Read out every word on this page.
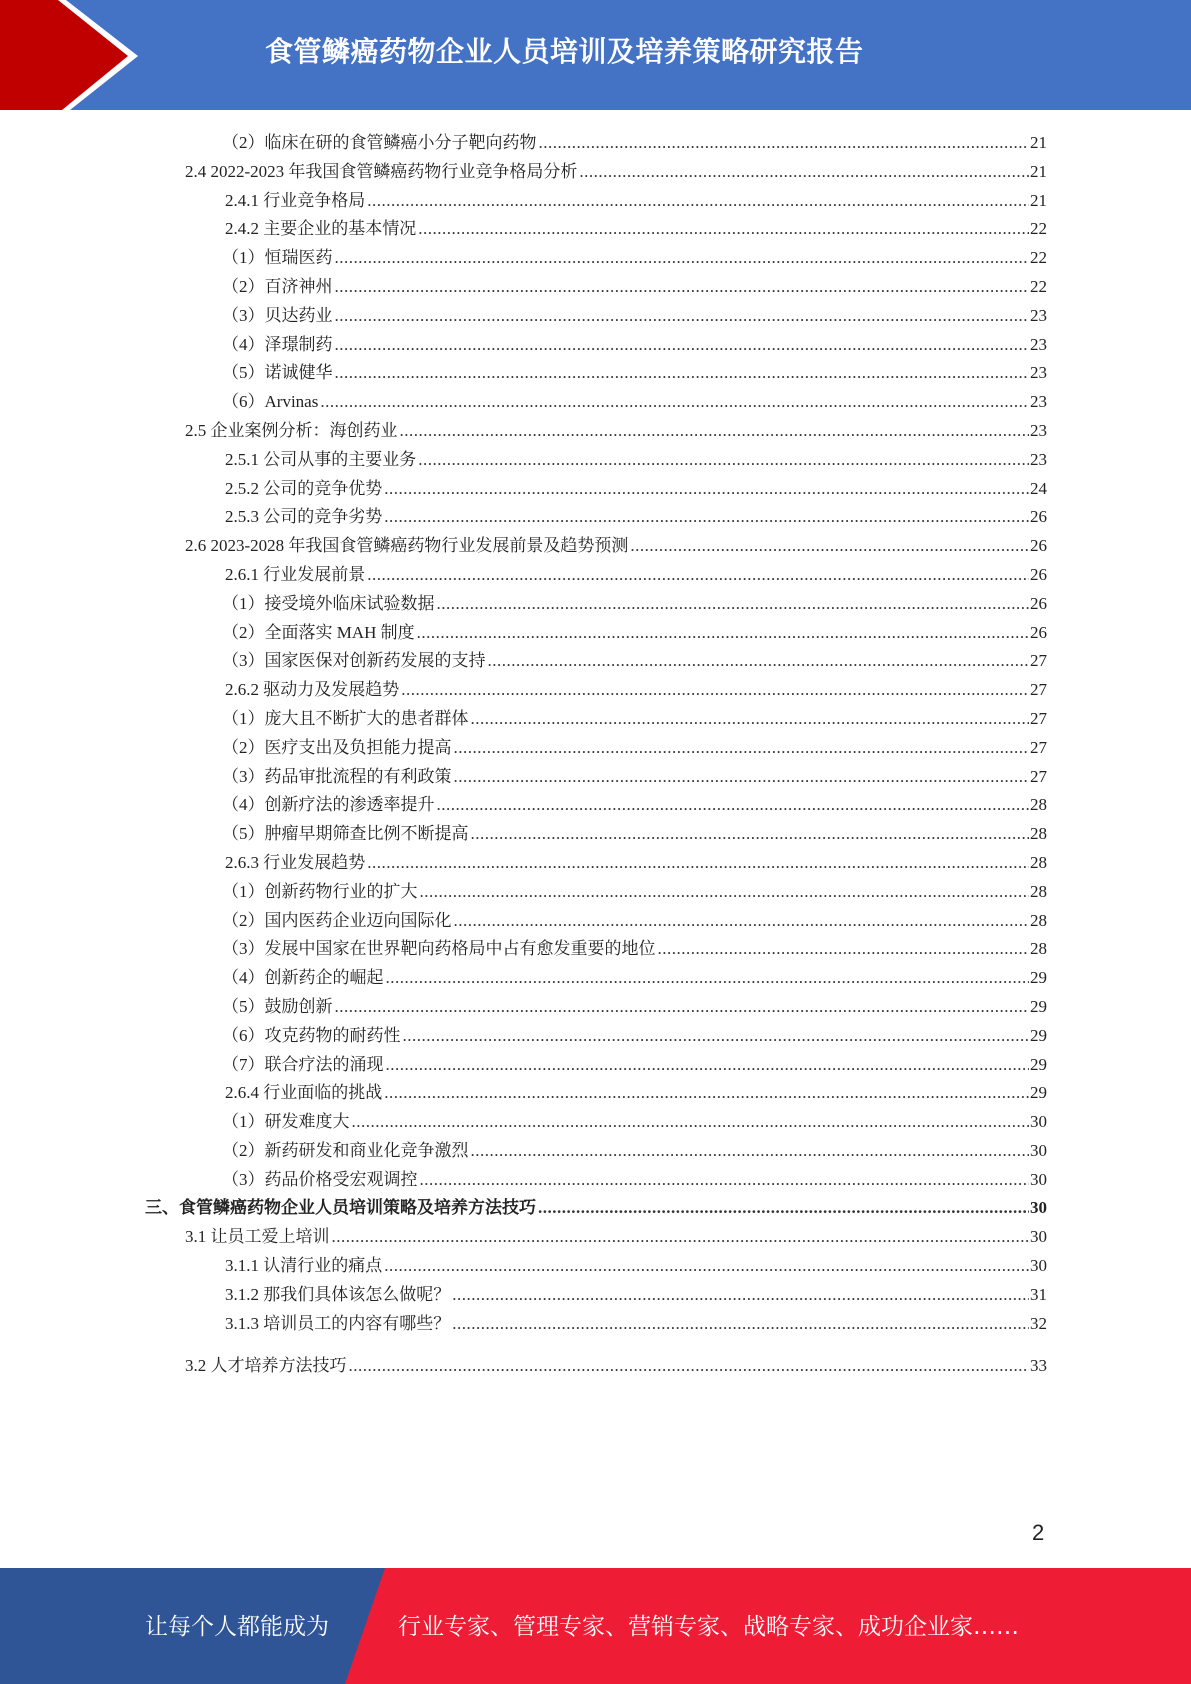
食管鳞癌药物企业人员培训及培养策略研究报告
（2）临床在研的食管鳞癌小分子靶向药物 .....	21
2.4 2022-2023 年我国食管鳞癌药物行业竞争格局分析 .....	21
2.4.1 行业竞争格局 .....	21
2.4.2 主要企业的基本情况 .....	22
（1）恒瑞医药 .....	22
（2）百济神州 .....	22
（3）贝达药业 .....	23
（4）泽璟制药 .....	23
（5）诺诚健华 .....	23
（6）Arvinas .....	23
2.5 企业案例分析：海创药业 .....	23
2.5.1 公司从事的主要业务 .....	23
2.5.2 公司的竞争优势 .....	24
2.5.3 公司的竞争劣势 .....	26
2.6 2023-2028 年我国食管鳞癌药物行业发展前景及趋势预测 .....	26
2.6.1 行业发展前景 .....	26
（1）接受境外临床试验数据 .....	26
（2）全面落实 MAH 制度 .....	26
（3）国家医保对创新药发展的支持 .....	27
2.6.2 驱动力及发展趋势 .....	27
（1）庞大且不断扩大的患者群体 .....	27
（2）医疗支出及负担能力提高 .....	27
（3）药品审批流程的有利政策 .....	27
（4）创新疗法的渗透率提升 .....	28
（5）肿瘤早期筛查比例不断提高 .....	28
2.6.3 行业发展趋势 .....	28
（1）创新药物行业的扩大 .....	28
（2）国内医药企业迈向国际化 .....	28
（3）发展中国家在世界靶向药格局中占有愈发重要的地位 .....	28
（4）创新药企的崛起 .....	29
（5）鼓励创新 .....	29
（6）攻克药物的耐药性 .....	29
（7）联合疗法的涌现 .....	29
2.6.4 行业面临的挑战 .....	29
（1）研发难度大 .....	30
（2）新药研发和商业化竞争激烈 .....	30
（3）药品价格受宏观调控 .....	30
三、食管鳞癌药物企业人员培训策略及培养方法技巧 .....	30
3.1 让员工爱上培训 .....	30
3.1.1 认清行业的痛点 .....	30
3.1.2 那我们具体该怎么做呢？ .....	31
3.1.3 培训员工的内容有哪些？ .....	32
3.2 人才培养方法技巧 .....	33
2
让每个人都能成为	行业专家、管理专家、营销专家、战略专家、成功企业家……
